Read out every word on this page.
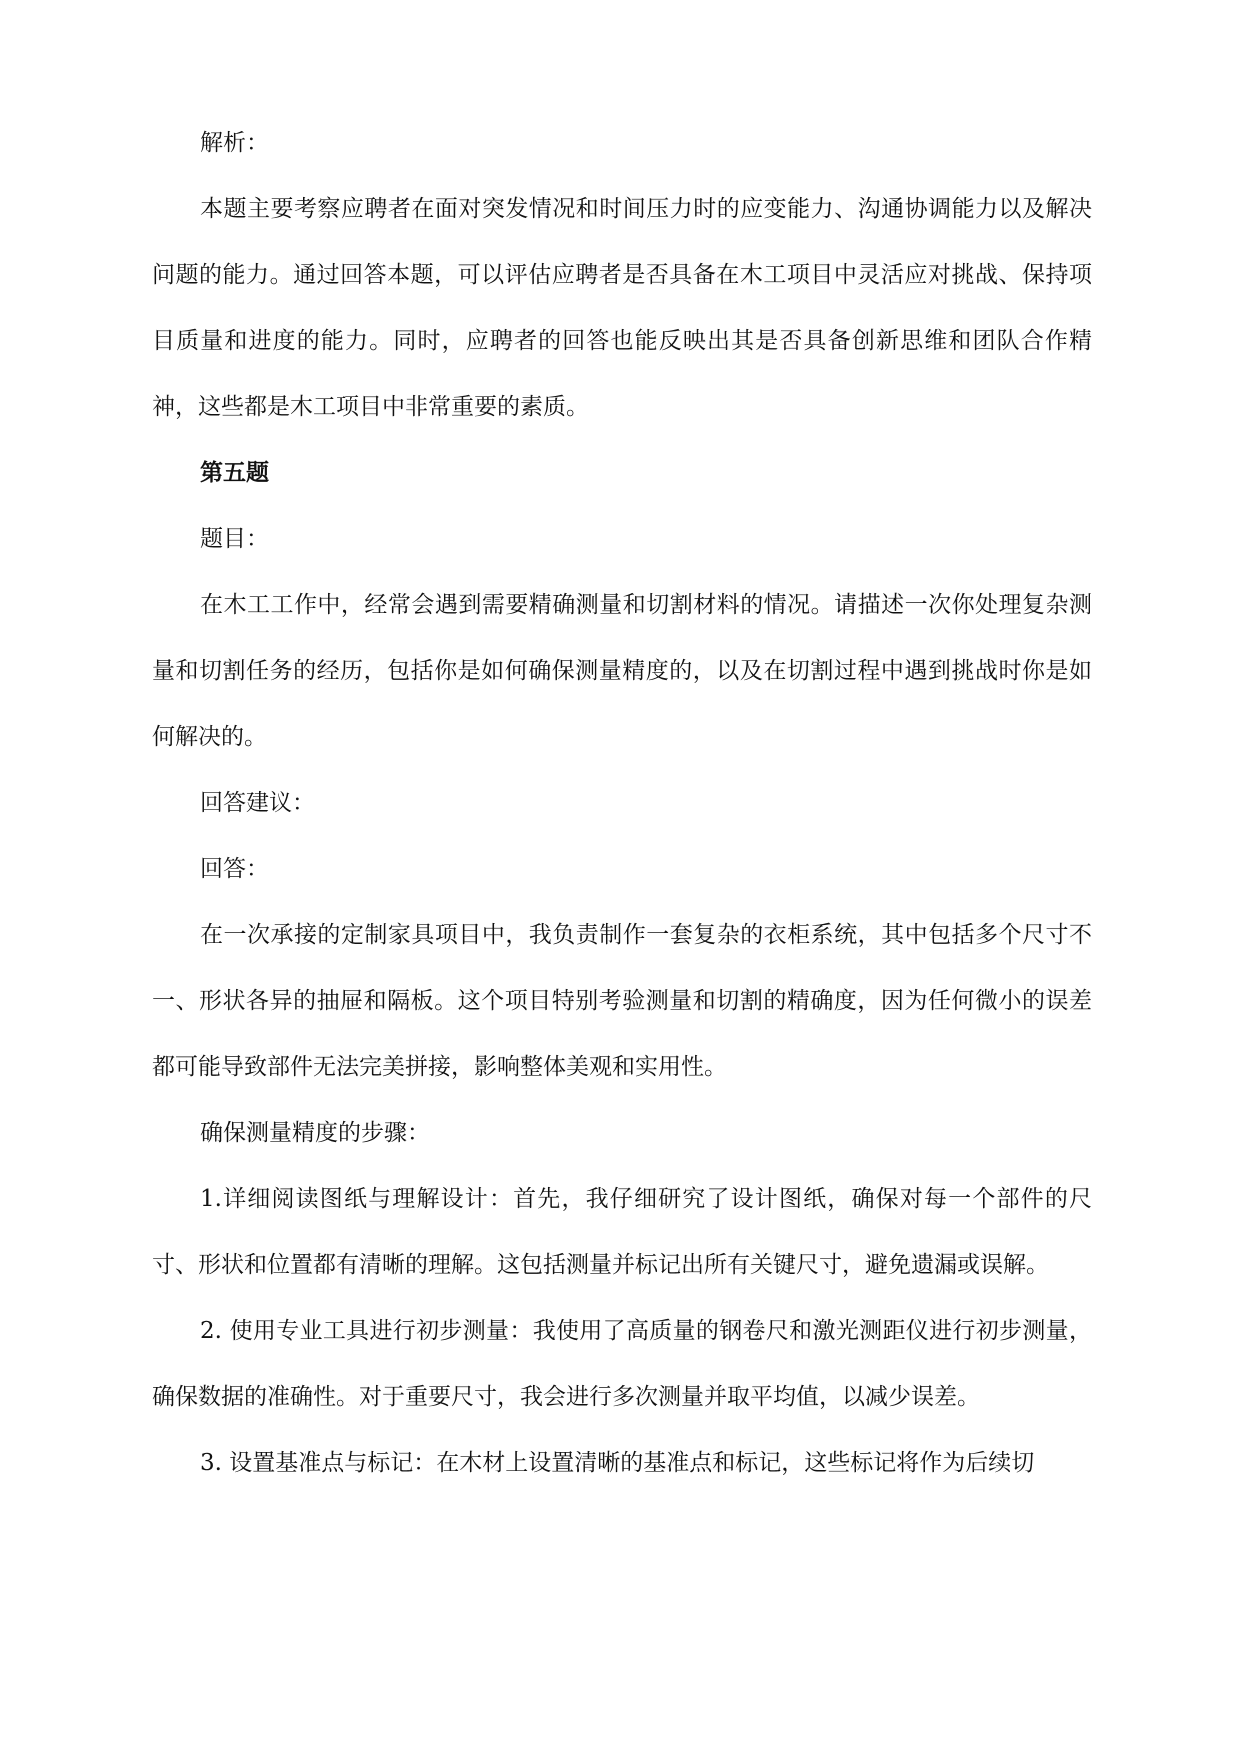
解析：

本题主要考察应聘者在面对突发情况和时间压力时的应变能力、沟通协调能力以及解决问题的能力。通过回答本题，可以评估应聘者是否具备在木工项目中灵活应对挑战、保持项目质量和进度的能力。同时，应聘者的回答也能反映出其是否具备创新思维和团队合作精神，这些都是木工项目中非常重要的素质。

第五题

题目：

在木工工作中，经常会遇到需要精确测量和切割材料的情况。请描述一次你处理复杂测量和切割任务的经历，包括你是如何确保测量精度的，以及在切割过程中遇到挑战时你是如何解决的。

回答建议：

回答：

在一次承接的定制家具项目中，我负责制作一套复杂的衣柜系统，其中包括多个尺寸不一、形状各异的抽屉和隔板。这个项目特别考验测量和切割的精确度，因为任何微小的误差都可能导致部件无法完美拼接，影响整体美观和实用性。

确保测量精度的步骤：

1.详细阅读图纸与理解设计：首先，我仔细研究了设计图纸，确保对每一个部件的尺寸、形状和位置都有清晰的理解。这包括测量并标记出所有关键尺寸，避免遗漏或误解。

2. 使用专业工具进行初步测量：我使用了高质量的钢卷尺和激光测距仪进行初步测量，确保数据的准确性。对于重要尺寸，我会进行多次测量并取平均值，以减少误差。

3. 设置基准点与标记：在木材上设置清晰的基准点和标记，这些标记将作为后续切
